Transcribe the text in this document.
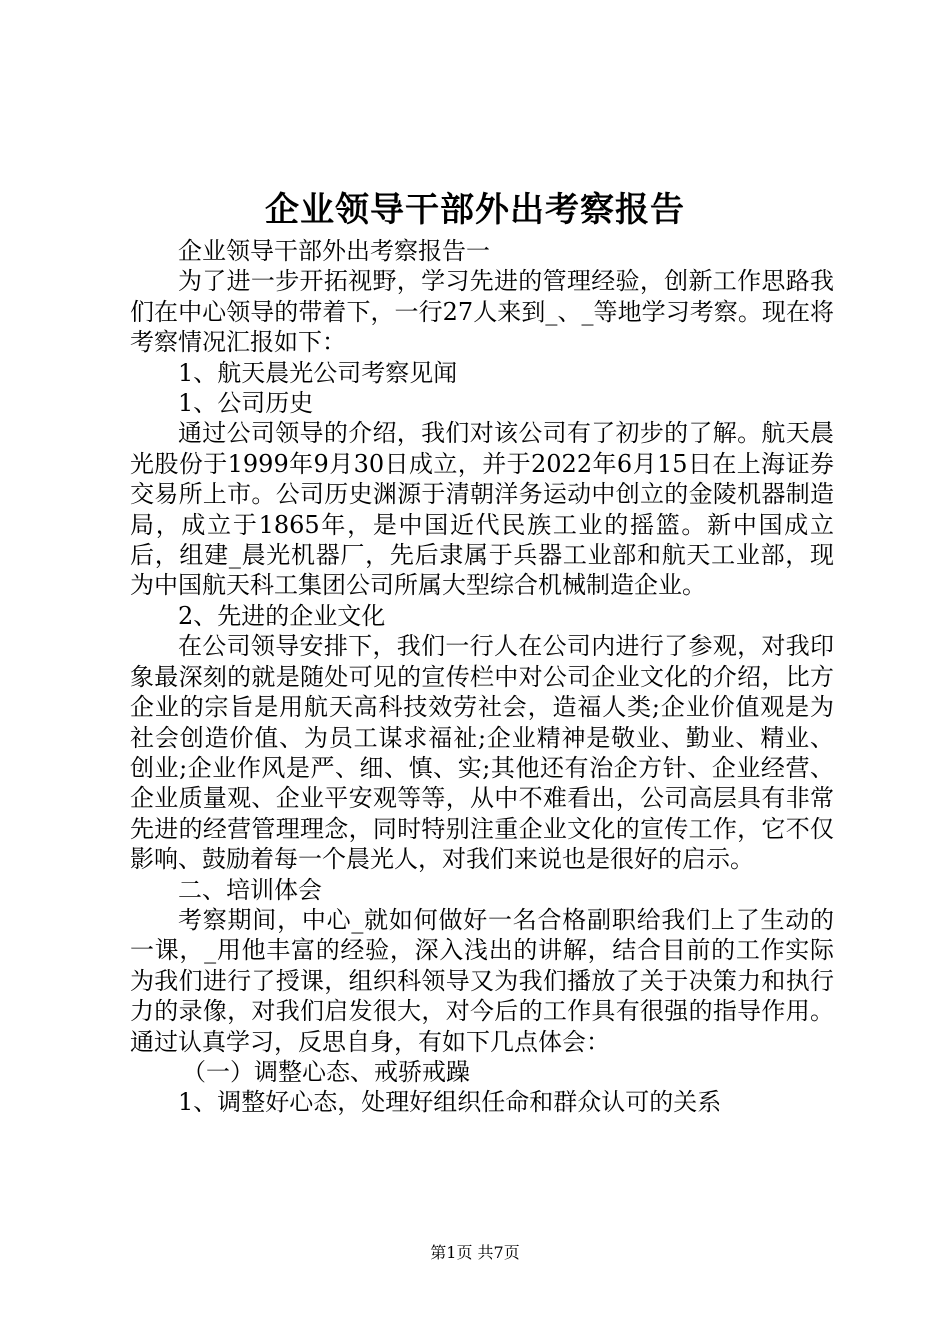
企业领导干部外出考察报告

企业领导干部外出考察报告一

为了进一步开拓视野，学习先进的管理经验，创新工作思路我们在中心领导的带着下，一行27人来到_、_等地学习考察。现在将考察情况汇报如下：

1、航天晨光公司考察见闻

1、公司历史

通过公司领导的介绍，我们对该公司有了初步的了解。航天晨光股份于1999年9月30日成立，并于2022年6月15日在上海证券交易所上市。公司历史渊源于清朝洋务运动中创立的金陵机器制造局，成立于1865年，是中国近代民族工业的摇篮。新中国成立后，组建_晨光机器厂，先后隶属于兵器工业部和航天工业部，现为中国航天科工集团公司所属大型综合机械制造企业。

2、先进的企业文化

在公司领导安排下，我们一行人在公司内进行了参观，对我印象最深刻的就是随处可见的宣传栏中对公司企业文化的介绍，比方企业的宗旨是用航天高科技效劳社会，造福人类;企业价值观是为社会创造价值、为员工谋求福祉;企业精神是敬业、勤业、精业、创业;企业作风是严、细、慎、实;其他还有治企方针、企业经营、企业质量观、企业平安观等等，从中不难看出，公司高层具有非常先进的经营管理理念，同时特别注重企业文化的宣传工作，它不仅影响、鼓励着每一个晨光人，对我们来说也是很好的启示。

二、培训体会

考察期间，中心_就如何做好一名合格副职给我们上了生动的一课，_用他丰富的经验，深入浅出的讲解，结合目前的工作实际为我们进行了授课，组织科领导又为我们播放了关于决策力和执行力的录像，对我们启发很大，对今后的工作具有很强的指导作用。通过认真学习，反思自身，有如下几点体会：

（一）调整心态、戒骄戒躁

1、调整好心态，处理好组织任命和群众认可的关系

第1页 共7页
